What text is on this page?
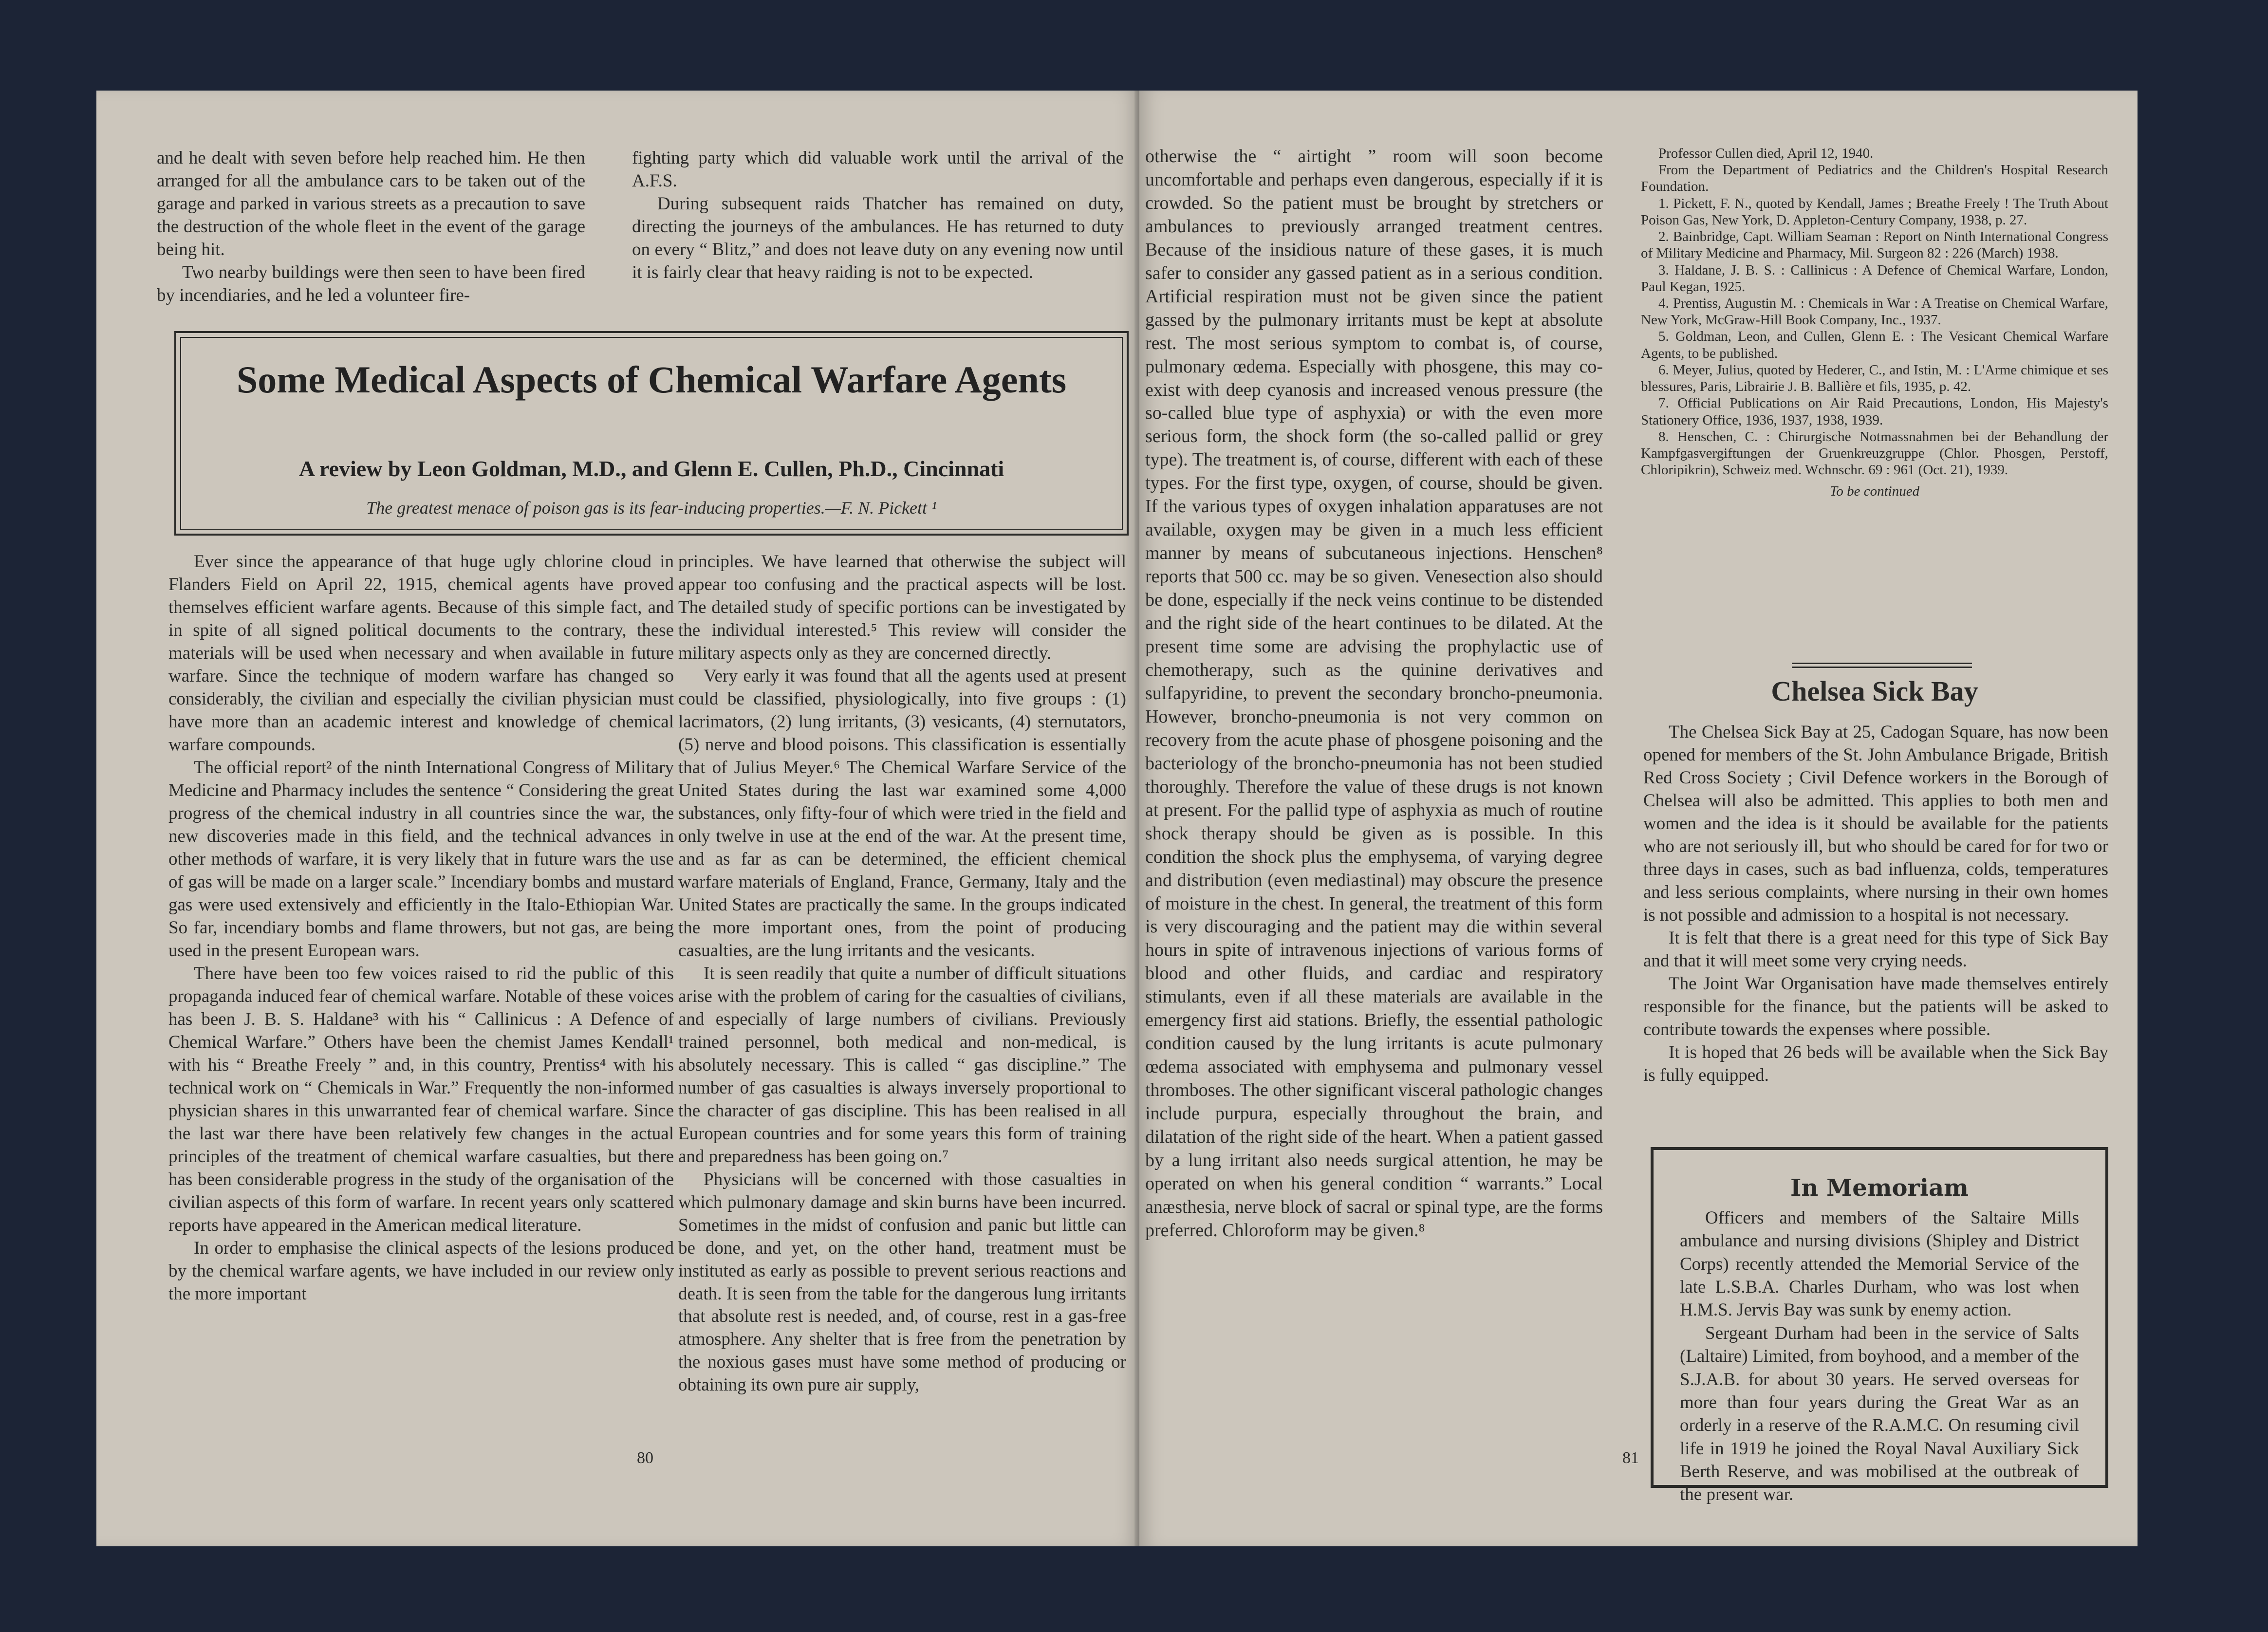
and he dealt with seven before help reached him. He then arranged for all the ambulance cars to be taken out of the garage and parked in various streets as a precaution to save the destruction of the whole fleet in the event of the garage being hit.

Two nearby buildings were then seen to have been fired by incendiaries, and he led a volunteer fire-

fighting party which did valuable work until the arrival of the A.F.S.

During subsequent raids Thatcher has remained on duty, directing the journeys of the ambulances. He has returned to duty on every “ Blitz,” and does not leave duty on any evening now until it is fairly clear that heavy raiding is not to be expected.

Ever since the appearance of that huge ugly chlorine cloud in Flanders Field on April 22, 1915, chemical agents have proved themselves efficient warfare agents. Because of this simple fact, and in spite of all signed political documents to the contrary, these materials will be used when necessary and when available in future warfare. Since the technique of modern warfare has changed so considerably, the civilian and especially the civilian physician must have more than an academic interest and knowledge of chemical warfare compounds.

The official report² of the ninth International Congress of Military Medicine and Pharmacy includes the sentence “ Considering the great progress of the chemical industry in all countries since the war, the new discoveries made in this field, and the technical advances in other methods of warfare, it is very likely that in future wars the use of gas will be made on a larger scale.” Incendiary bombs and mustard gas were used extensively and efficiently in the Italo-Ethiopian War. So far, incendiary bombs and flame throwers, but not gas, are being used in the present European wars.

There have been too few voices raised to rid the public of this propaganda induced fear of chemical warfare. Notable of these voices has been J. B. S. Haldane³ with his “ Callinicus : A Defence of Chemical Warfare.” Others have been the chemist James Kendall¹ with his “ Breathe Freely ” and, in this country, Prentiss⁴ with his technical work on “ Chemicals in War.” Frequently the non-informed physician shares in this unwarranted fear of chemical warfare. Since the last war there have been relatively few changes in the actual principles of the treatment of chemical warfare casualties, but there has been considerable progress in the study of the organisation of the civilian aspects of this form of warfare. In recent years only scattered reports have appeared in the American medical literature.

In order to emphasise the clinical aspects of the lesions produced by the chemical warfare agents, we have included in our review only the more important

principles. We have learned that otherwise the subject will appear too confusing and the practical aspects will be lost. The detailed study of specific portions can be investigated by the individual interested.⁵ This review will consider the military aspects only as they are concerned directly.

Very early it was found that all the agents used at present could be classified, physiologically, into five groups : (1) lacrimators, (2) lung irritants, (3) vesicants, (4) sternutators, (5) nerve and blood poisons. This classification is essentially that of Julius Meyer.⁶ The Chemical Warfare Service of the United States during the last war examined some 4,000 substances, only fifty-four of which were tried in the field and only twelve in use at the end of the war. At the present time, and as far as can be determined, the efficient chemical warfare materials of England, France, Germany, Italy and the United States are practically the same. In the groups indicated the more important ones, from the point of producing casualties, are the lung irritants and the vesicants.

It is seen readily that quite a number of difficult situations arise with the problem of caring for the casualties of civilians, and especially of large numbers of civilians. Previously trained personnel, both medical and non-medical, is absolutely necessary. This is called “ gas discipline.” The number of gas casualties is always inversely proportional to the character of gas discipline. This has been realised in all European countries and for some years this form of training and preparedness has been going on.⁷

Physicians will be concerned with those casualties in which pulmonary damage and skin burns have been incurred. Sometimes in the midst of confusion and panic but little can be done, and yet, on the other hand, treatment must be instituted as early as possible to prevent serious reactions and death. It is seen from the table for the dangerous lung irritants that absolute rest is needed, and, of course, rest in a gas-free atmosphere. Any shelter that is free from the penetration by the noxious gases must have some method of producing or obtaining its own pure air supply,

80
Some Medical Aspects of Chemical Warfare Agents
A review by Leon Goldman, M.D., and Glenn E. Cullen, Ph.D., Cincinnati
The greatest menace of poison gas is its fear-inducing properties.—F. N. Pickett ¹

otherwise the “ airtight ” room will soon become uncomfortable and perhaps even dangerous, especially if it is crowded. So the patient must be brought by stretchers or ambulances to previously arranged treatment centres. Because of the insidious nature of these gases, it is much safer to consider any gassed patient as in a serious condition. Artificial respiration must not be given since the patient gassed by the pulmonary irritants must be kept at absolute rest. The most serious symptom to combat is, of course, pulmonary œdema. Especially with phosgene, this may co-exist with deep cyanosis and increased venous pressure (the so-called blue type of asphyxia) or with the even more serious form, the shock form (the so-called pallid or grey type). The treatment is, of course, different with each of these types. For the first type, oxygen, of course, should be given. If the various types of oxygen inhalation apparatuses are not available, oxygen may be given in a much less efficient manner by means of subcutaneous injections. Henschen⁸ reports that 500 cc. may be so given. Venesection also should be done, especially if the neck veins continue to be distended and the right side of the heart continues to be dilated. At the present time some are advising the prophylactic use of chemotherapy, such as the quinine derivatives and sulfapyridine, to prevent the secondary broncho-pneumonia. However, broncho-pneumonia is not very common on recovery from the acute phase of phosgene poisoning and the bacteriology of the broncho-pneumonia has not been studied thoroughly. Therefore the value of these drugs is not known at present. For the pallid type of asphyxia as much of routine shock therapy should be given as is possible. In this condition the shock plus the emphysema, of varying degree and distribution (even mediastinal) may obscure the presence of moisture in the chest. In general, the treatment of this form is very discouraging and the patient may die within several hours in spite of intravenous injections of various forms of blood and other fluids, and cardiac and respiratory stimulants, even if all these materials are available in the emergency first aid stations. Briefly, the essential pathologic condition caused by the lung irritants is acute pulmonary œdema associated with emphysema and pulmonary vessel thromboses. The other significant visceral pathologic changes include purpura, especially throughout the brain, and dilatation of the right side of the heart. When a patient gassed by a lung irritant also needs surgical attention, he may be operated on when his general condition “ warrants.” Local anæsthesia, nerve block of sacral or spinal type, are the forms preferred. Chloroform may be given.⁸

Professor Cullen died, April 12, 1940.

From the Department of Pediatrics and the Children's Hospital Research Foundation.

1. Pickett, F. N., quoted by Kendall, James ; Breathe Freely ! The Truth About Poison Gas, New York, D. Appleton-Century Company, 1938, p. 27.

2. Bainbridge, Capt. William Seaman : Report on Ninth International Congress of Military Medicine and Pharmacy, Mil. Surgeon 82 : 226 (March) 1938.

3. Haldane, J. B. S. : Callinicus : A Defence of Chemical Warfare, London, Paul Kegan, 1925.

4. Prentiss, Augustin M. : Chemicals in War : A Treatise on Chemical Warfare, New York, McGraw-Hill Book Company, Inc., 1937.

5. Goldman, Leon, and Cullen, Glenn E. : The Vesicant Chemical Warfare Agents, to be published.

6. Meyer, Julius, quoted by Hederer, C., and Istin, M. : L'Arme chimique et ses blessures, Paris, Librairie J. B. Ballière et fils, 1935, p. 42.

7. Official Publications on Air Raid Precautions, London, His Majesty's Stationery Office, 1936, 1937, 1938, 1939.

8. Henschen, C. : Chirurgische Notmassnahmen bei der Behandlung der Kampfgasvergiftungen der Gruenkreuzgruppe (Chlor. Phosgen, Perstoff, Chloripikrin), Schweiz med. Wchnschr. 69 : 961 (Oct. 21), 1939.

To be continued
Chelsea Sick Bay

The Chelsea Sick Bay at 25, Cadogan Square, has now been opened for members of the St. John Ambulance Brigade, British Red Cross Society ; Civil Defence workers in the Borough of Chelsea will also be admitted. This applies to both men and women and the idea is it should be available for the patients who are not seriously ill, but who should be cared for for two or three days in cases, such as bad influenza, colds, temperatures and less serious complaints, where nursing in their own homes is not possible and admission to a hospital is not necessary.

It is felt that there is a great need for this type of Sick Bay and that it will meet some very crying needs.

The Joint War Organisation have made themselves entirely responsible for the finance, but the patients will be asked to contribute towards the expenses where possible.

It is hoped that 26 beds will be available when the Sick Bay is fully equipped.

In Memoriam

Officers and members of the Saltaire Mills ambulance and nursing divisions (Shipley and District Corps) recently attended the Memorial Service of the late L.S.B.A. Charles Durham, who was lost when H.M.S. Jervis Bay was sunk by enemy action.

Sergeant Durham had been in the service of Salts (Laltaire) Limited, from boyhood, and a member of the S.J.A.B. for about 30 years. He served overseas for more than four years during the Great War as an orderly in a reserve of the R.A.M.C. On resuming civil life in 1919 he joined the Royal Naval Auxiliary Sick Berth Reserve, and was mobilised at the outbreak of the present war.

81
